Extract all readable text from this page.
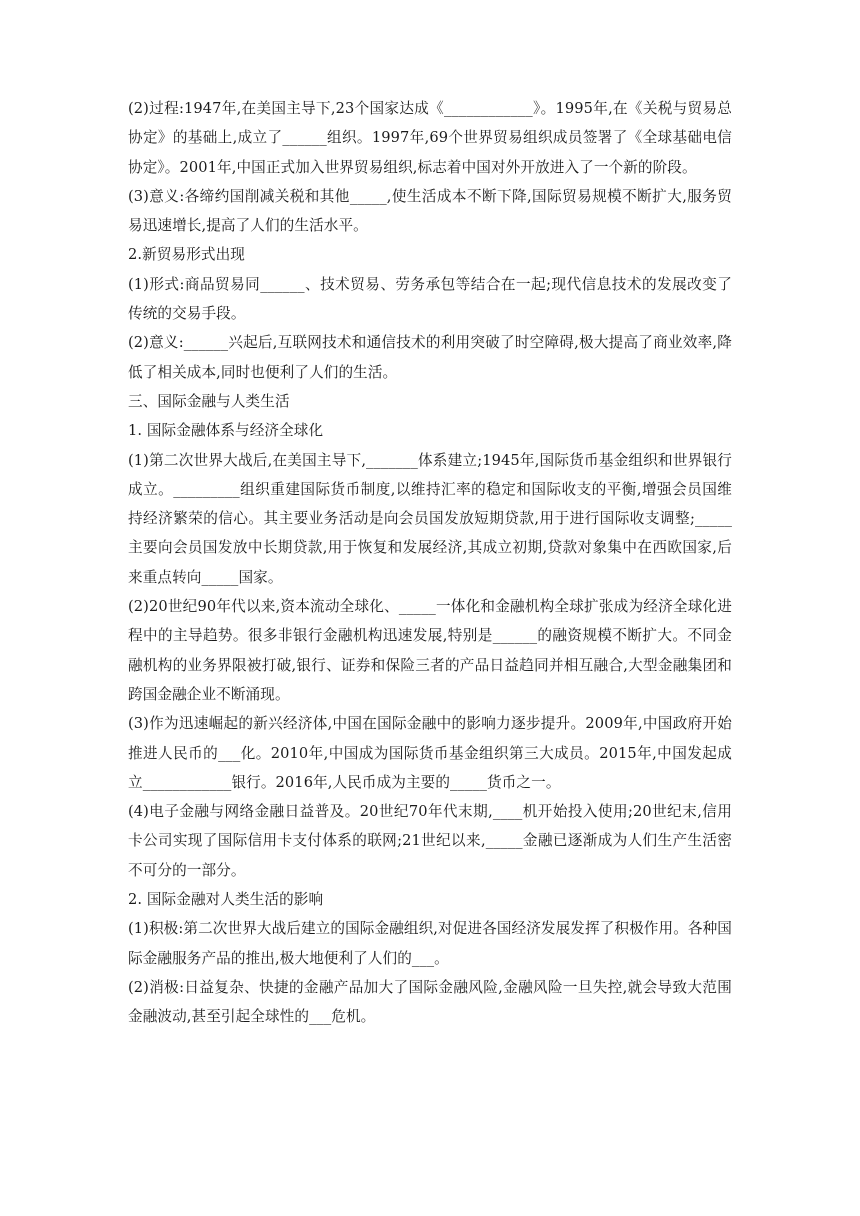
(2)过程:1947年,在美国主导下,23个国家达成《____________》。1995年,在《关税与贸易总协定》的基础上,成立了______组织。1997年,69个世界贸易组织成员签署了《全球基础电信协定》。2001年,中国正式加入世界贸易组织,标志着中国对外开放进入了一个新的阶段。

(3)意义:各缔约国削减关税和其他_____,使生活成本不断下降,国际贸易规模不断扩大,服务贸易迅速增长,提高了人们的生活水平。

2.新贸易形式出现

(1)形式:商品贸易同______、技术贸易、劳务承包等结合在一起;现代信息技术的发展改变了传统的交易手段。

(2)意义:______兴起后,互联网技术和通信技术的利用突破了时空障碍,极大提高了商业效率,降低了相关成本,同时也便利了人们的生活。

三、国际金融与人类生活

1. 国际金融体系与经济全球化

(1)第二次世界大战后,在美国主导下,_______体系建立;1945年,国际货币基金组织和世界银行成立。_________组织重建国际货币制度,以维持汇率的稳定和国际收支的平衡,增强会员国维持经济繁荣的信心。其主要业务活动是向会员国发放短期贷款,用于进行国际收支调整;_____主要向会员国发放中长期贷款,用于恢复和发展经济,其成立初期,贷款对象集中在西欧国家,后来重点转向_____国家。

(2)20世纪90年代以来,资本流动全球化、_____一体化和金融机构全球扩张成为经济全球化进程中的主导趋势。很多非银行金融机构迅速发展,特别是______的融资规模不断扩大。不同金融机构的业务界限被打破,银行、证券和保险三者的产品日益趋同并相互融合,大型金融集团和跨国金融企业不断涌现。

(3)作为迅速崛起的新兴经济体,中国在国际金融中的影响力逐步提升。2009年,中国政府开始推进人民币的___化。2010年,中国成为国际货币基金组织第三大成员。2015年,中国发起成立____________银行。2016年,人民币成为主要的_____货币之一。

(4)电子金融与网络金融日益普及。20世纪70年代末期,____机开始投入使用;20世纪末,信用卡公司实现了国际信用卡支付体系的联网;21世纪以来,_____金融已逐渐成为人们生产生活密不可分的一部分。

2. 国际金融对人类生活的影响

(1)积极:第二次世界大战后建立的国际金融组织,对促进各国经济发展发挥了积极作用。各种国际金融服务产品的推出,极大地便利了人们的___。

(2)消极:日益复杂、快捷的金融产品加大了国际金融风险,金融风险一旦失控,就会导致大范围金融波动,甚至引起全球性的___危机。
